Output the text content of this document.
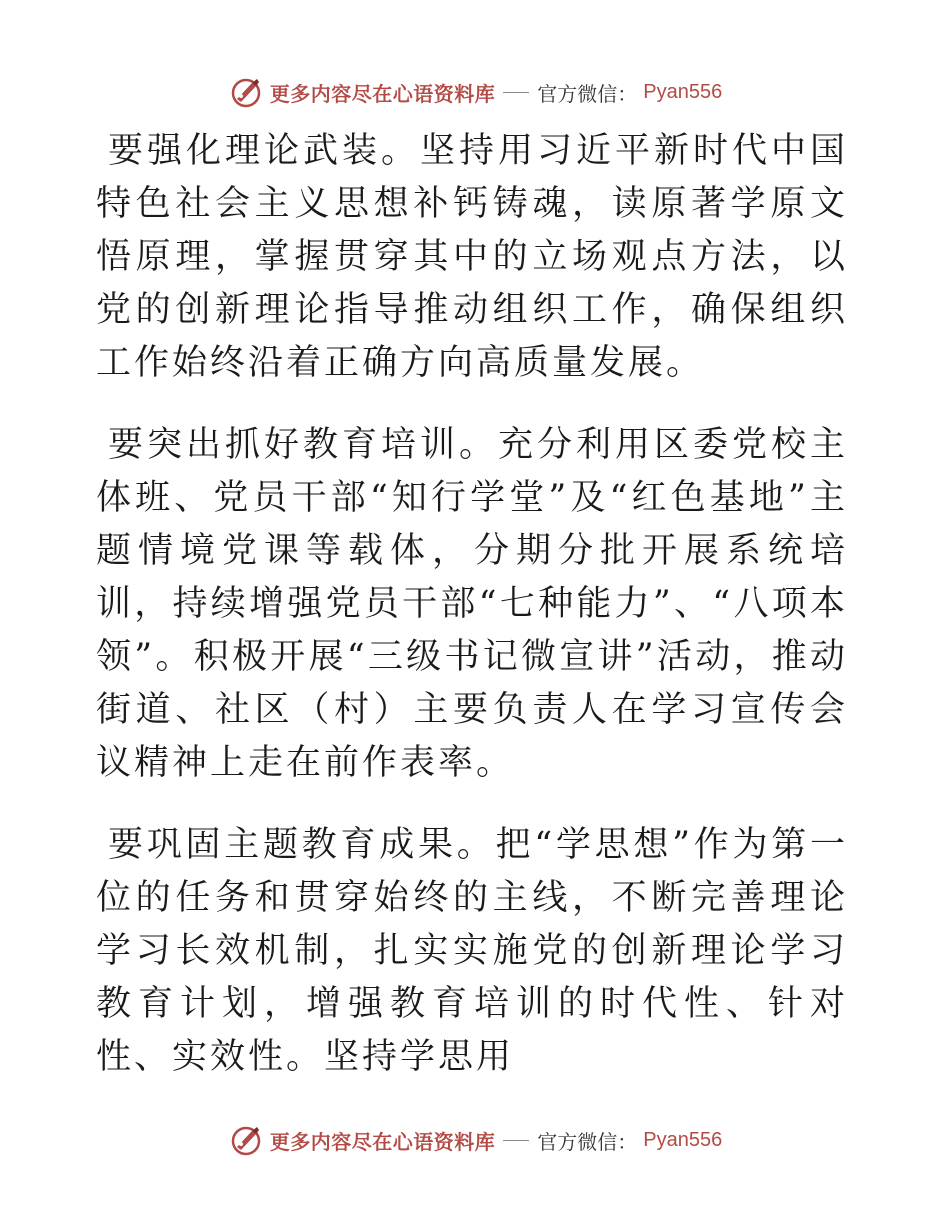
更多内容尽在心语资料库 官方微信： Pyan556

要强化理论武装。坚持用习近平新时代中国特色社会主义思想补钙铸魂，读原著学原文悟原理，掌握贯穿其中的立场观点方法，以党的创新理论指导推动组织工作，确保组织工作始终沿着正确方向高质量发展。

要突出抓好教育培训。充分利用区委党校主体班、党员干部“知行学堂”及“红色基地”主题情境党课等载体，分期分批开展系统培训，持续增强党员干部“七种能力”、“八项本领”。积极开展“三级书记微宣讲”活动，推动街道、社区（村）主要负责人在学习宣传会议精神上走在前作表率。

要巩固主题教育成果。把“学思想”作为第一位的任务和贯穿始终的主线，不断完善理论学习长效机制，扎实实施党的创新理论学习教育计划，增强教育培训的时代性、针对性、实效性。坚持学思用

更多内容尽在心语资料库 官方微信： Pyan556
